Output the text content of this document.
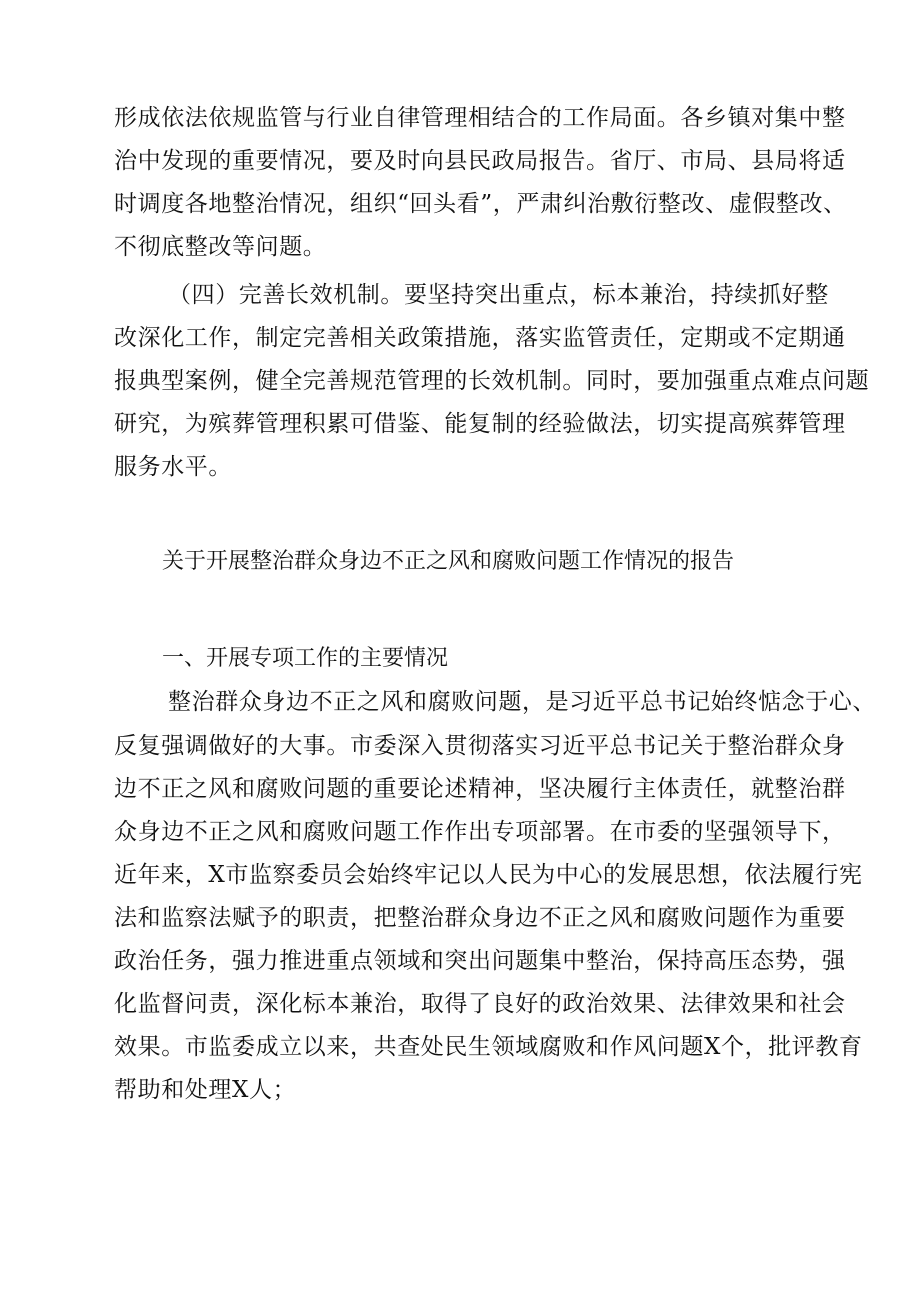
形成依法依规监管与行业自律管理相结合的工作局面。各乡镇对集中整
治中发现的重要情况，要及时向县民政局报告。省厅、市局、县局将适
时调度各地整治情况，组织“回头看”，严肃纠治敷衍整改、虚假整改、
不彻底整改等问题。
（四）完善长效机制。要坚持突出重点，标本兼治，持续抓好整
改深化工作，制定完善相关政策措施，落实监管责任，定期或不定期通
报典型案例，健全完善规范管理的长效机制。同时，要加强重点难点问题
研究，为殡葬管理积累可借鉴、能复制的经验做法，切实提高殡葬管理
服务水平。
关于开展整治群众身边不正之风和腐败问题工作情况的报告
一、开展专项工作的主要情况
整治群众身边不正之风和腐败问题，是习近平总书记始终惦念于心、
反复强调做好的大事。市委深入贯彻落实习近平总书记关于整治群众身
边不正之风和腐败问题的重要论述精神，坚决履行主体责任，就整治群
众身边不正之风和腐败问题工作作出专项部署。在市委的坚强领导下，
近年来，X市监察委员会始终牢记以人民为中心的发展思想，依法履行宪
法和监察法赋予的职责，把整治群众身边不正之风和腐败问题作为重要
政治任务，强力推进重点领域和突出问题集中整治，保持高压态势，强
化监督问责，深化标本兼治，取得了良好的政治效果、法律效果和社会
效果。市监委成立以来，共查处民生领域腐败和作风问题X个，批评教育
帮助和处理X人；
